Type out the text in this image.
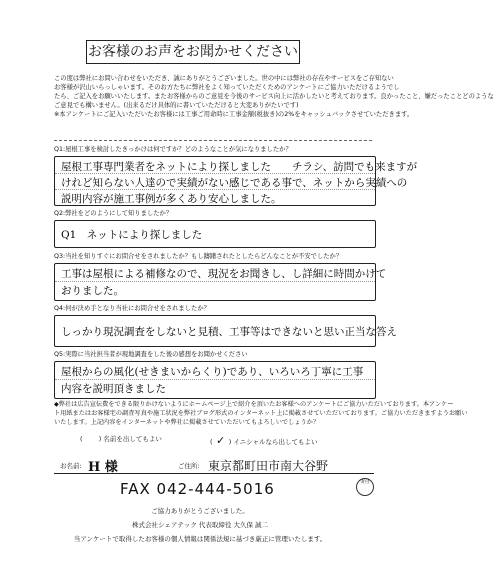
お客様のお声をお聞かせください

この度は弊社にお問い合わせをいただき、誠にありがとうございました。世の中には弊社の存在やサービスをご存知ない

お客様が沢山いらっしゃいます。そのお方たちに弊社をよく知っていただくためのアンケートにご協力いただけるようでし

たら、ご記入をお願いいたします。またお客様からのご意見を今後のサービス向上に活かしたいと考えております。良かったこと、嫌だったことどのような

ご意見でも構いません。(出来るだけ具体的に書いていただけると大変ありがたいです)

※本アンケートにご記入いただいたお客様には工事ご用命時に工事金額(税抜き)の2%をキャッシュバックさせていただきます。

Q1:屋根工事を検討したきっかけは何ですか？どのようなことが気になりましたか？
屋根工事専門業者をネットにより探しました　　チラシ、訪問でも来ますが
けれど知らない人達ので実績がない感じである事で、ネットから実績への
説明内容が施工事例が多くあり安心しました。
Q2:弊社をどのようにして知りましたか？
Q1　ネットにより探しました
Q3:当社を知りすぐにお問合せをされましたか？もし躊躇されたとしたらどんなことが不安でしたか？
工事は屋根による補修なので、現況をお聞きし、し詳細に時間かけて
おりました。
Q4:何が決め手となり当社にお問合せをされましたか？
しっかり現況調査をしないと見積、工事等はできないと思い正当な答え
Q5:実際に当社担当者が現地調査をした後の感想をお聞かせください
屋根からの風化(せきまいからくり)であり、いろいろ丁寧に工事
内容を説明頂きました

◆弊社は広告宣伝費をできる限りかけないようにホームページ上で紹介を頂いたお客様へのアンケートにご協力いただいております。本アンケー

ト用紙またはお客様宅の調査写真や施工状況を弊社ブログ形式のインターネット上に掲載させていただいております。ご協力いただきますようお願い

いたします。上記内容をインターネットや弊社に掲載させていただいてもよろしいでしょうか？

( ) 名前を出してもよい	( ✓ ) イニシャルなら出してもよい
お名前: H 様	ご住所: 東京都町田市南大谷野
FAX 042-444-5016	寄付
ご協力ありがとうございました。
株式会社シェアテック 代表取締役 大久保 誠二
当アンケートで取得したお客様の個人情報は関係法規に基づき厳正に管理いたします。
